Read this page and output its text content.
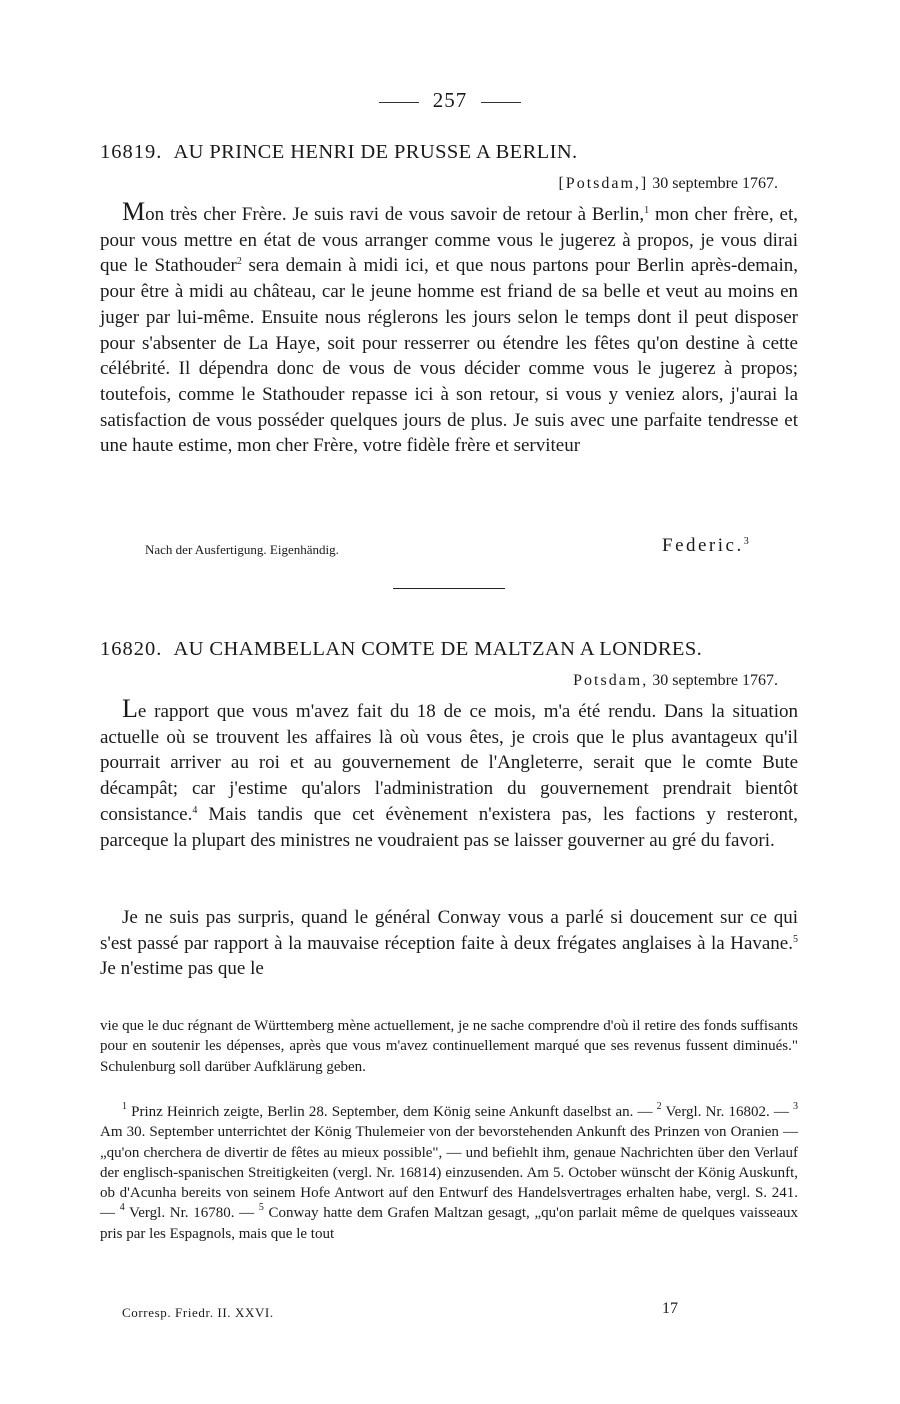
257
16819. AU PRINCE HENRI DE PRUSSE A BERLIN.
[Potsdam,] 30 septembre 1767.

Mon très cher Frère. Je suis ravi de vous savoir de retour à Berlin,$^1$ mon cher frère, et, pour vous mettre en état de vous arranger comme vous le jugerez à propos, je vous dirai que le Stathouder$^2$ sera demain à midi ici, et que nous partons pour Berlin après-demain, pour être à midi au château, car le jeune homme est friand de sa belle et veut au moins en juger par lui-même. Ensuite nous réglerons les jours selon le temps dont il peut disposer pour s'absenter de La Haye, soit pour resserrer ou étendre les fêtes qu'on destine à cette célébrité. Il dépendra donc de vous de vous décider comme vous le jugerez à propos; toutefois, comme le Stathouder repasse ici à son retour, si vous y veniez alors, j'aurai la satisfaction de vous posséder quelques jours de plus. Je suis avec une parfaite tendresse et une haute estime, mon cher Frère, votre fidèle frère et serviteur

Nach der Ausfertigung. Eigenhändig.	Federic.$^3$
16820. AU CHAMBELLAN COMTE DE MALTZAN A LONDRES.
Potsdam, 30 septembre 1767.

Le rapport que vous m'avez fait du 18 de ce mois, m'a été rendu. Dans la situation actuelle où se trouvent les affaires là où vous êtes, je crois que le plus avantageux qu'il pourrait arriver au roi et au gouvernement de l'Angleterre, serait que le comte Bute décampât; car j'estime qu'alors l'administration du gouvernement prendrait bientôt consistance.$^4$ Mais tandis que cet évènement n'existera pas, les factions y resteront, parceque la plupart des ministres ne voudraient pas se laisser gouverner au gré du favori.

Je ne suis pas surpris, quand le général Conway vous a parlé si doucement sur ce qui s'est passé par rapport à la mauvaise réception faite à deux frégates anglaises à la Havane.$^5$ Je n'estime pas que le

vie que le duc régnant de Württemberg mène actuellement, je ne sache comprendre d'où il retire des fonds suffisants pour en soutenir les dépenses, après que vous m'avez continuellement marqué que ses revenus fussent diminués." Schulenburg soll darüber Aufklärung geben.

$^1$ Prinz Heinrich zeigte, Berlin 28. September, dem König seine Ankunft daselbst an. — $^2$ Vergl. Nr. 16802. — $^3$ Am 30. September unterrichtet der König Thulemeier von der bevorstehenden Ankunft des Prinzen von Oranien — „qu'on cherchera de divertir de fêtes au mieux possible", — und befiehlt ihm, genaue Nachrichten über den Verlauf der englisch-spanischen Streitigkeiten (vergl. Nr. 16814) einzusenden. Am 5. October wünscht der König Auskunft, ob d'Acunha bereits von seinem Hofe Antwort auf den Entwurf des Handelsvertrages erhalten habe, vergl. S. 241. — $^4$ Vergl. Nr. 16780. — $^5$ Conway hatte dem Grafen Maltzan gesagt, „qu'on parlait même de quelques vaisseaux pris par les Espagnols, mais que le tout

Corresp. Friedr. II. XXVI.	17
